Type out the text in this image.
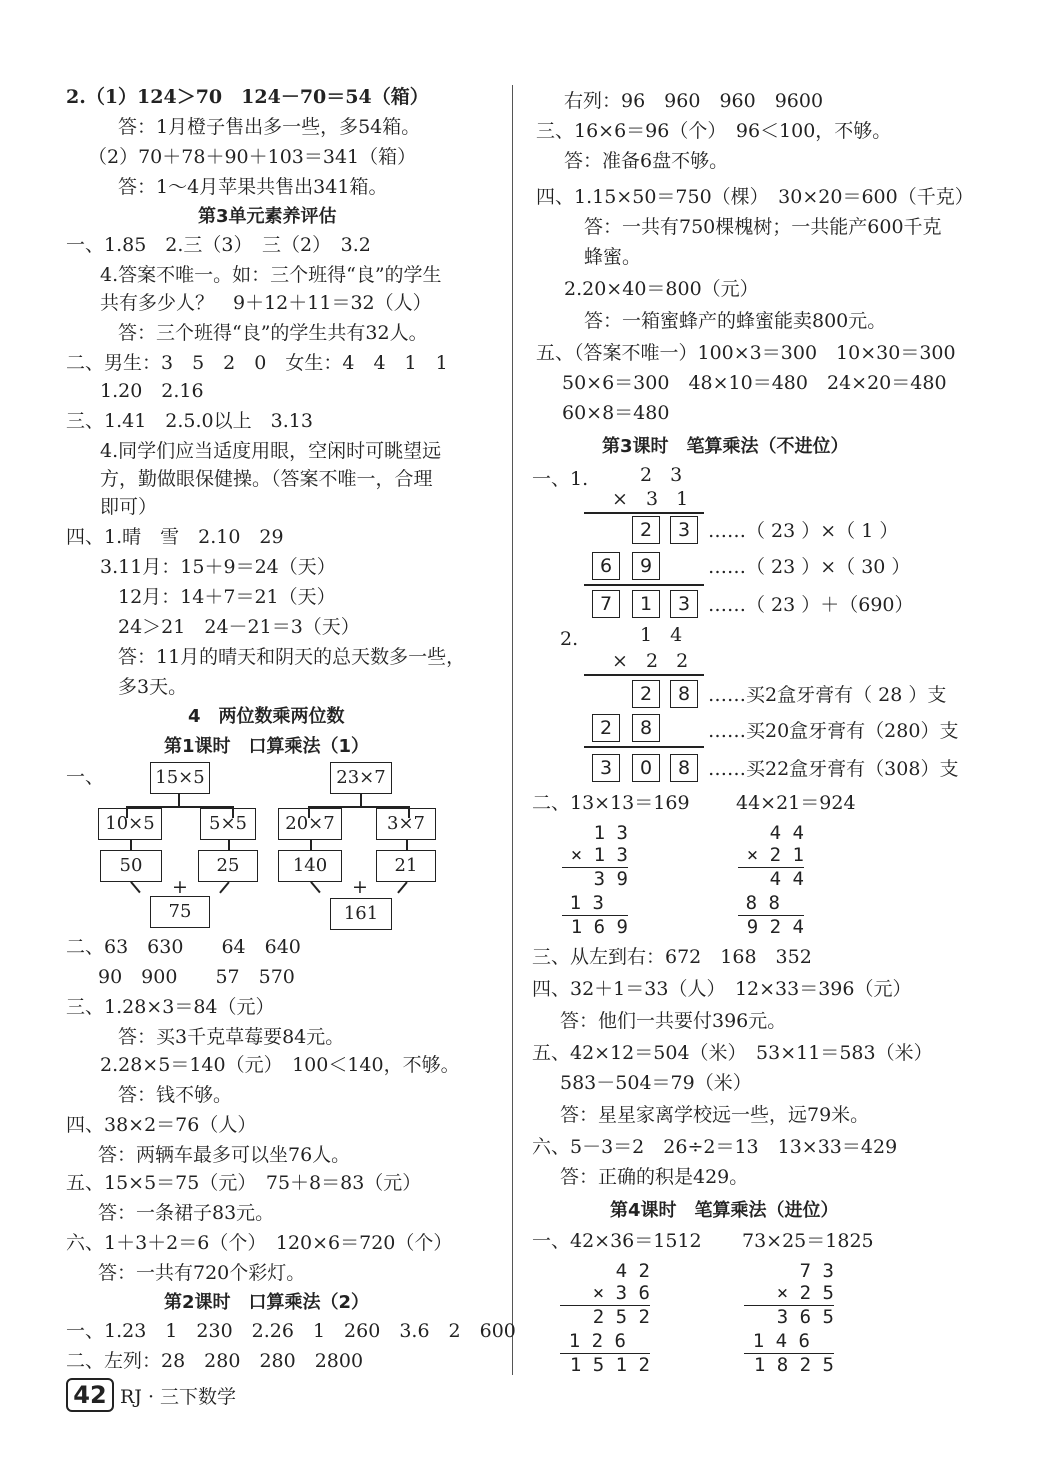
2.（1）124＞70　124－70＝54（箱）
答：1月橙子售出多一些，多54箱。
（2）70＋78＋90＋103＝341（箱）
答：1～4月苹果共售出341箱。
第3单元素养评估
一、1.85　2.三（3）　三（2）　3.2
4.答案不唯一。如：三个班得“良”的学生
共有多少人？　9＋12＋11＝32（人）
答：三个班得“良”的学生共有32人。
二、男生：3　5　2　0　女生：4　4　1　1
1.20　2.16
三、1.41　2.5.0以上　3.13
4.同学们应当适度用眼，空闲时可眺望远
方，勤做眼保健操。（答案不唯一，合理
即可）
四、1.晴　雪　2.10　29
3.11月：15＋9＝24（天）
12月：14＋7＝21（天）
24＞21　24－21＝3（天）
答：11月的晴天和阴天的总天数多一些，
多3天。
4　两位数乘两位数
第1课时　口算乘法（1）
一、	15×5
10×5	5×5
50	25
+
75
23×7
20×7	3×7
140	21
+
161
二、63　630　　64　640
90　900　　57　570
三、1.28×3＝84（元）
答：买3千克草莓要84元。
2.28×5＝140（元）　100＜140，不够。
答：钱不够。
四、38×2＝76（人）
答：两辆车最多可以坐76人。
五、15×5＝75（元）　75＋8＝83（元）
答：一条裙子83元。
六、1＋3＋2＝6（个）　120×6＝720（个）
答：一共有720个彩灯。
第2课时　口算乘法（2）
一、1.23　1　230　2.26　1　260　3.6　2　600
二、左列：28　280　280　2800
右列：96　960　960　9600
三、16×6＝96（个）　96＜100，不够。
答：准备6盘不够。
四、1.15×50＝750（棵）　30×20＝600（千克）
答：一共有750棵槐树；一共能产600千克
蜂蜜。
2.20×40＝800（元）
答：一箱蜜蜂产的蜂蜜能卖800元。
五、（答案不唯一）100×3＝300　10×30＝300
50×6＝300　48×10＝480　24×20＝480
60×8＝480
第3课时　笔算乘法（不进位）
一、1.	2 3
× 3 1
2	3 ……（ 23 ）×（ 1 ）
6	9	……（ 23 ）×（ 30 ）
7	1	3 ……（ 23 ）＋（690）
2.	1 4
× 2 2
2	8 ……买2盒牙膏有（ 28 ）支
2	8	……买20盒牙膏有（280）支
3	0	8 ……买22盒牙膏有（308）支
二、13×13＝169 44×21＝924
1 3
× 1 3
3 9
1 3
1 6 9
4 4
× 2 1
4 4
8 8
9 2 4
三、从左到右：672　168　352
四、32＋1＝33（人）　12×33＝396（元）
答：他们一共要付396元。
五、42×12＝504（米）　53×11＝583（米）
583－504＝79（米）
答：星星家离学校远一些，远79米。
六、5－3＝2　26÷2＝13　13×33＝429
答：正确的积是429。
第4课时　笔算乘法（进位）
一、42×36＝1512 73×25＝1825
4 2
× 3 6
2 5 2
1 2 6
1 5 1 2
7 3
× 2 5
3 6 5
1 4 6
1 8 2 5
42 RJ · 三下数学
